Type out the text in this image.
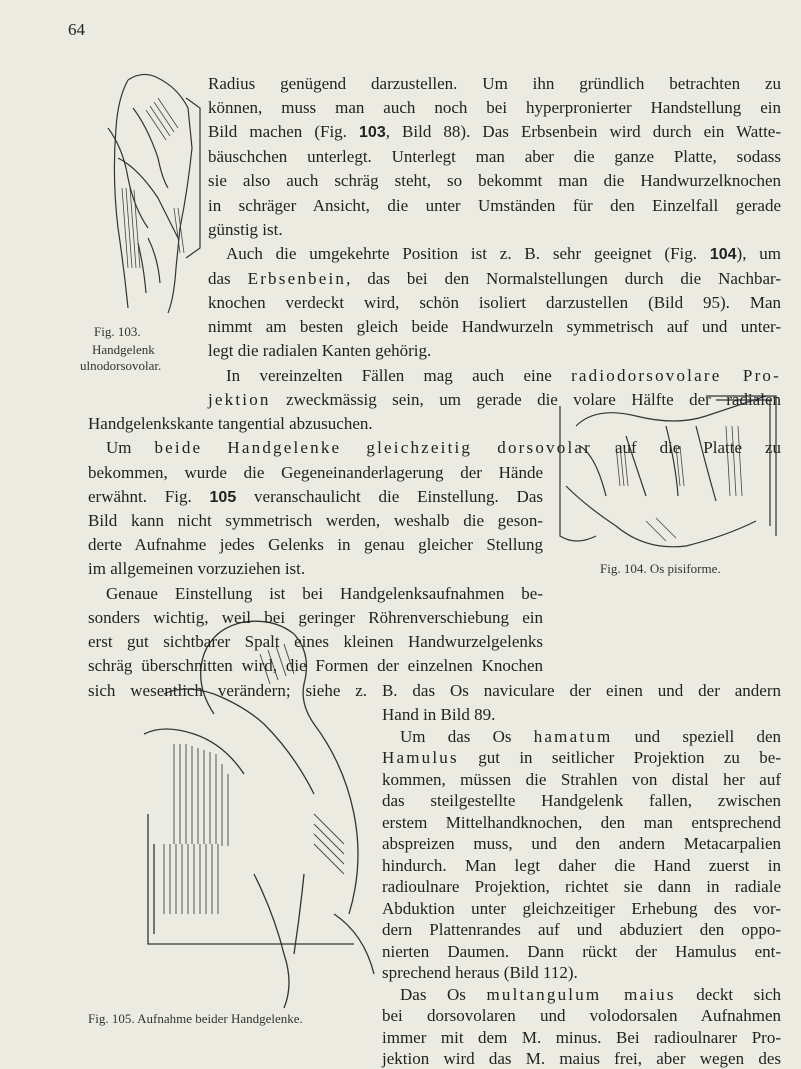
64
Fig. 103.
Handgelenk
ulnodorsovolar.
Fig. 104. Os pisiforme.
Fig. 105. Aufnahme beider Handgelenke.

Radius genügend darzustellen. Um ihn gründlich betrachten zu

können, muss man auch noch bei hyperpronierter Handstellung ein

Bild machen (Fig. 103, Bild 88). Das Erbsenbein wird durch ein Watte-

bäuschchen unterlegt. Unterlegt man aber die ganze Platte, sodass

sie also auch schräg steht, so bekommt man die Handwurzelknochen

in schräger Ansicht, die unter Umständen für den Einzelfall gerade

günstig ist.

Auch die umgekehrte Position ist z. B. sehr geeignet (Fig. 104), um

das Erbsenbein, das bei den Normalstellungen durch die Nachbar-

knochen verdeckt wird, schön isoliert darzustellen (Bild 95). Man

nimmt am besten gleich beide Handwurzeln symmetrisch auf und unter-

legt die radialen Kanten gehörig.

In vereinzelten Fällen mag auch eine radiodorsovolare Pro-

jektion zweckmässig sein, um gerade die volare Hälfte der radialen

Handgelenkskante tangential abzusuchen.

Um beide Handgelenke gleichzeitig dorsovolar auf die Platte zu

bekommen, wurde die Gegeneinanderlagerung der Hände

erwähnt. Fig. 105 veranschaulicht die Einstellung. Das

Bild kann nicht symmetrisch werden, weshalb die geson-

derte Aufnahme jedes Gelenks in genau gleicher Stellung

im allgemeinen vorzuziehen ist.

Genaue Einstellung ist bei Handgelenksaufnahmen be-

sonders wichtig, weil bei geringer Röhrenverschiebung ein

erst gut sichtbarer Spalt eines kleinen Handwurzelgelenks

schräg überschnitten wird, die Formen der einzelnen Knochen

sich wesentlich verändern; siehe z. B. das Os naviculare der einen und der andern

Hand in Bild 89.

Um das Os hamatum und speziell den

Hamulus gut in seitlicher Projektion zu be-

kommen, müssen die Strahlen von distal her auf

das steilgestellte Handgelenk fallen, zwischen

erstem Mittelhandknochen, den man entsprechend

abspreizen muss, und den andern Metacarpalien

hindurch. Man legt daher die Hand zuerst in

radioulnare Projektion, richtet sie dann in radiale

Abduktion unter gleichzeitiger Erhebung des vor-

dern Plattenrandes auf und abduziert den oppo-

nierten Daumen. Dann rückt der Hamulus ent-

sprechend heraus (Bild 112).

Das Os multangulum maius deckt sich

bei dorsovolaren und volodorsalen Aufnahmen

immer mit dem M. minus. Bei radioulnarer Pro-

jektion wird das M. maius frei, aber wegen des
